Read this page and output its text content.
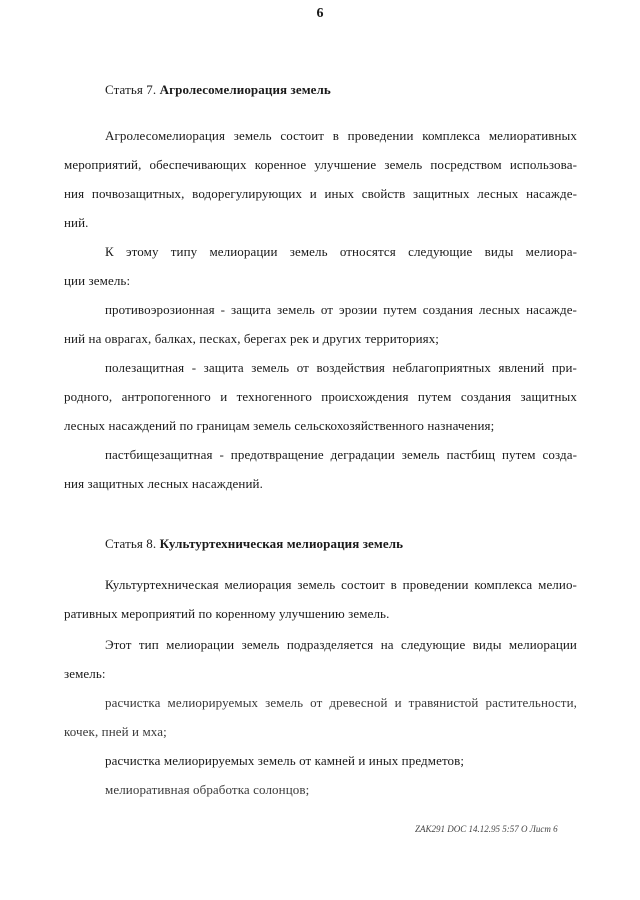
6
Статья 7. Агролесомелиорация земель
Агролесомелиорация земель состоит в проведении комплекса мелиоративных
мероприятий, обеспечивающих коренное улучшение земель посредством использова-
ния почвозащитных, водорегулирующих и иных свойств защитных лесных насажде-
ний.
К этому типу мелиорации земель относятся следующие виды мелиора-
ции земель:
противоэрозионная - защита земель от эрозии путем создания лесных насажде-
ний на оврагах, балках, песках, берегах рек и других территориях;
полезащитная - защита земель от воздействия неблагоприятных явлений при-
родного, антропогенного и техногенного происхождения путем создания защитных
лесных насаждений по границам земель сельскохозяйственного назначения;
пастбищезащитная - предотвращение деградации земель пастбищ путем созда-
ния защитных лесных насаждений.
Статья 8. Культуртехническая мелиорация земель
Культуртехническая мелиорация земель состоит в проведении комплекса мелио-
ративных мероприятий по коренному улучшению земель.
Этот тип мелиорации земель подразделяется на следующие виды мелиорации
земель:
расчистка мелиорируемых земель от древесной и травянистой растительности,
кочек, пней и мха;
расчистка мелиорируемых земель от камней и иных предметов;
мелиоративная обработка солонцов;
ZAK291 DOC 14.12.95 5:57 O Лист 6
